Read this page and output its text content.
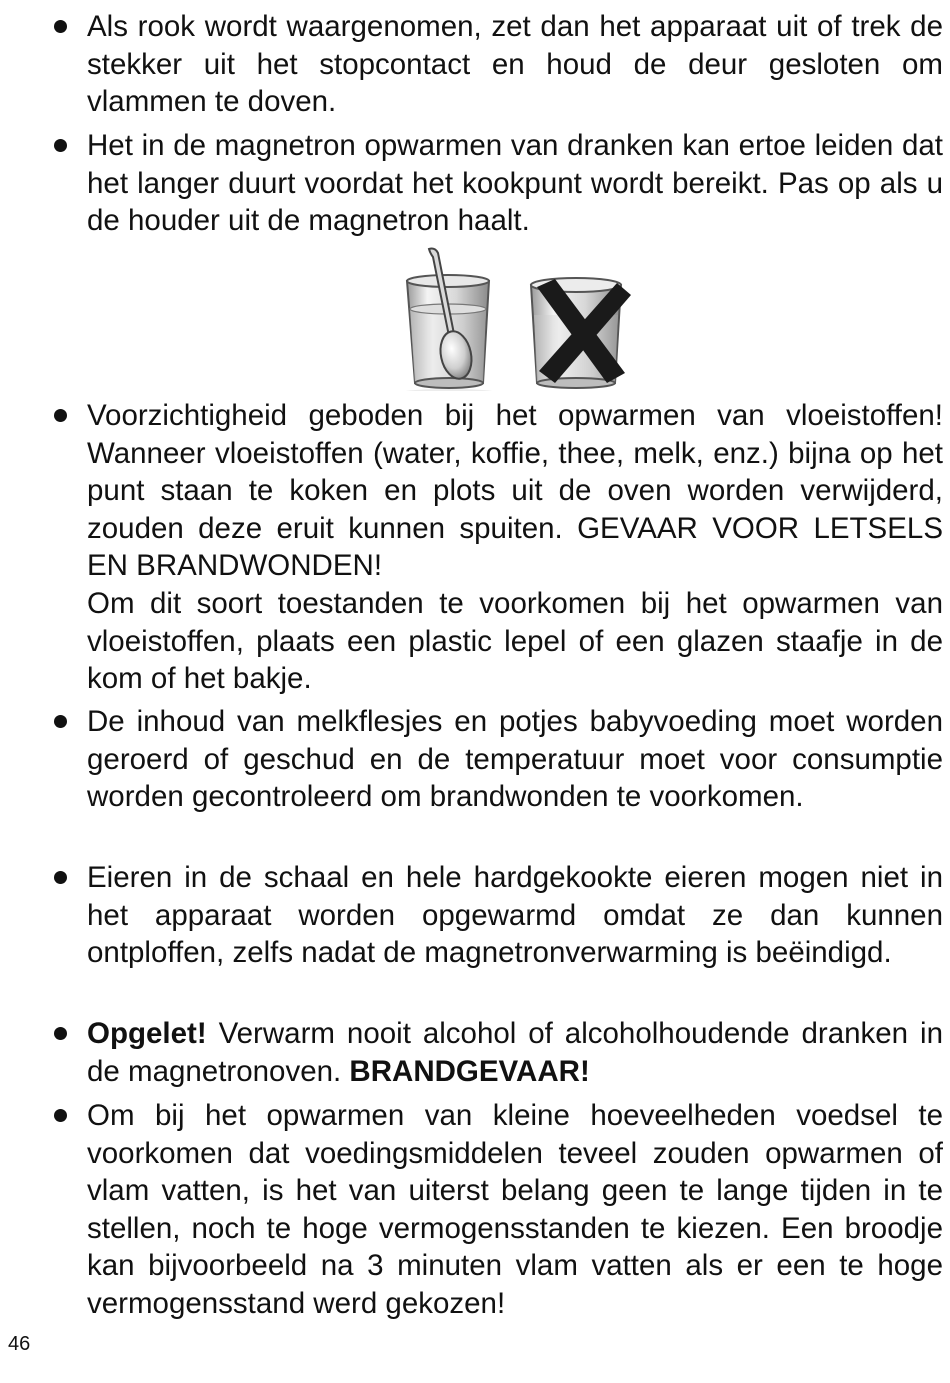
Als rook wordt waargenomen, zet dan het apparaat uit of trek de stekker uit het stopcontact en houd de deur gesloten om vlammen te doven.

Het in de magnetron opwarmen van dranken kan ertoe leiden dat het langer duurt voordat het kookpunt wordt bereikt. Pas op als u de houder uit de magnetron haalt.

Voorzichtigheid geboden bij het opwarmen van vloeistoffen! Wanneer vloeistoffen (water, koffie, thee, melk, enz.) bijna op het punt staan te koken en plots uit de oven worden verwijderd, zouden deze eruit kunnen spuiten. GEVAAR VOOR LETSELS EN BRANDWONDEN!
Om dit soort toestanden te voorkomen bij het opwarmen van vloeistoffen, plaats een plastic lepel of een glazen staafje in de kom of het bakje.

De inhoud van melkflesjes en potjes babyvoeding moet worden geroerd of geschud en de temperatuur moet voor consumptie worden gecontroleerd om brandwonden te voorkomen.

Eieren in de schaal en hele hardgekookte eieren mogen niet in het apparaat worden opgewarmd omdat ze dan kunnen ontploffen, zelfs nadat de magnetronverwarming is beëindigd.

Opgelet! Verwarm nooit alcohol of alcoholhoudende dranken in de magnetronoven. BRANDGEVAAR!

Om bij het opwarmen van kleine hoeveelheden voedsel te voorkomen dat voedingsmiddelen teveel zouden opwarmen of vlam vatten, is het van uiterst belang geen te lange tijden in te stellen, noch te hoge vermogensstanden te kiezen. Een broodje kan bijvoorbeeld na 3 minuten vlam vatten als er een te hoge vermogensstand werd gekozen!

46
